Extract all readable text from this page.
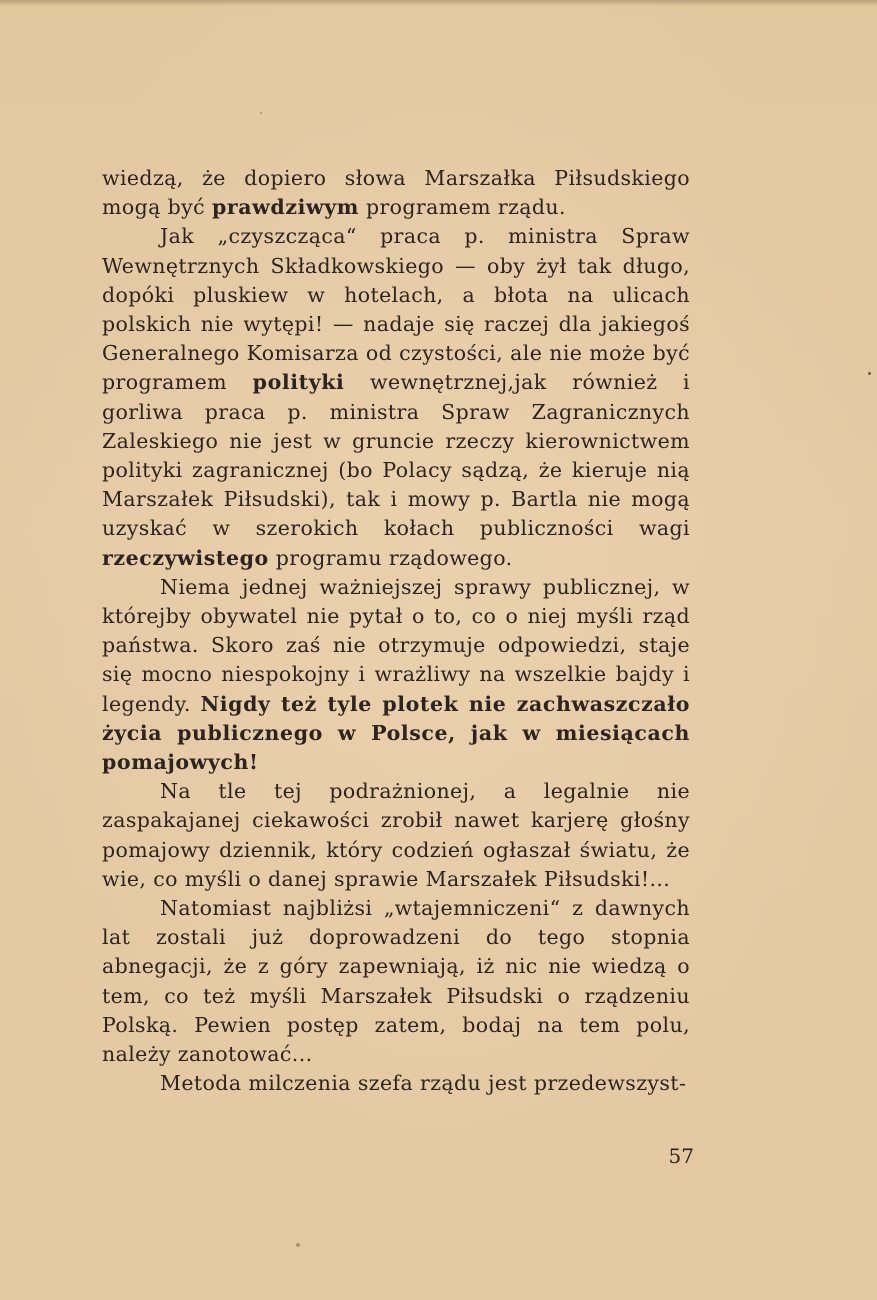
wiedzą, że dopiero słowa Marszałka Piłsudskiego mogą być prawdziwym programem rządu.

Jak „czyszcząca“ praca p. ministra Spraw Wewnętrznych Składkowskiego — oby żył tak długo, dopóki pluskiew w hotelach, a błota na ulicach polskich nie wytępi! — nadaje się raczej dla jakiegoś Generalnego Komisarza od czystości, ale nie może być programem polityki wewnętrznej,jak również i gorliwa praca p. ministra Spraw Zagranicznych Zaleskiego nie jest w gruncie rzeczy kierownictwem polityki zagranicznej (bo Polacy sądzą, że kieruje nią Marszałek Piłsudski), tak i mowy p. Bartla nie mogą uzyskać w szerokich kołach publiczności wagi rzeczywistego programu rządowego.

Niema jednej ważniejszej sprawy publicznej, w którejby obywatel nie pytał o to, co o niej myśli rząd państwa. Skoro zaś nie otrzymuje odpowiedzi, staje się mocno niespokojny i wrażliwy na wszelkie bajdy i legendy. Nigdy też tyle plotek nie zachwaszczało życia publicznego w Polsce, jak w miesiącach pomajowych!

Na tle tej podrażnionej, a legalnie nie zaspakajanej ciekawości zrobił nawet karjerę głośny pomajowy dziennik, który codzień ogłaszał światu, że wie, co myśli o danej sprawie Marszałek Piłsudski!...

Natomiast najbliżsi „wtajemniczeni“ z dawnych lat zostali już doprowadzeni do tego stopnia abnegacji, że z góry zapewniają, iż nic nie wiedzą o tem, co też myśli Marszałek Piłsudski o rządzeniu Polską. Pewien postęp zatem, bodaj na tem polu, należy zanotować...

Metoda milczenia szefa rządu jest przedewszyst-

57
